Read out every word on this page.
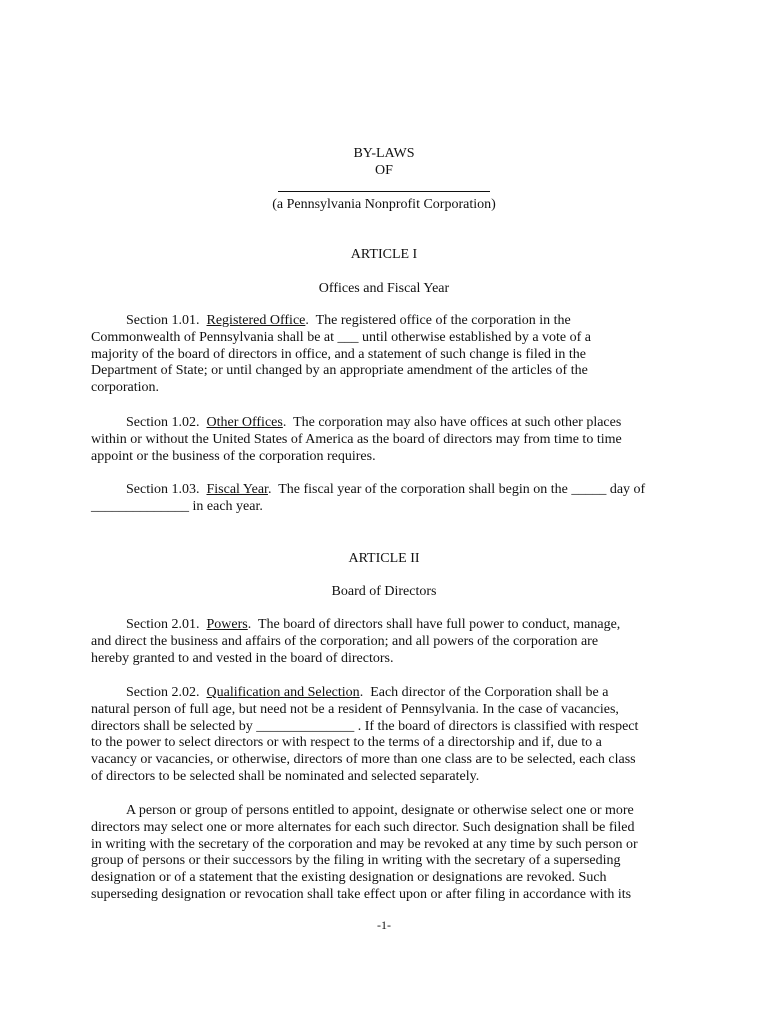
BY-LAWS
OF
(a Pennsylvania Nonprofit Corporation)
ARTICLE I
Offices and Fiscal Year
Section 1.01. Registered Office.  The registered office of the corporation in the
Commonwealth of Pennsylvania shall be at ___ until otherwise established by a vote of a
majority of the board of directors in office, and a statement of such change is filed in the
Department of State; or until changed by an appropriate amendment of the articles of the
corporation.
Section 1.02. Other Offices.  The corporation may also have offices at such other places
within or without the United States of America as the board of directors may from time to time
appoint or the business of the corporation requires.
Section 1.03. Fiscal Year.  The fiscal year of the corporation shall begin on the _____ day of
______________ in each year.
ARTICLE II
Board of Directors
Section 2.01. Powers.  The board of directors shall have full power to conduct, manage,
and direct the business and affairs of the corporation; and all powers of the corporation are
hereby granted to and vested in the board of directors.
Section 2.02. Qualification and Selection.  Each director of the Corporation shall be a
natural person of full age, but need not be a resident of Pennsylvania. In the case of vacancies,
directors shall be selected by ______________ . If the board of directors is classified with respect
to the power to select directors or with respect to the terms of a directorship and if, due to a
vacancy or vacancies, or otherwise, directors of more than one class are to be selected, each class
of directors to be selected shall be nominated and selected separately.
A person or group of persons entitled to appoint, designate or otherwise select one or more
directors may select one or more alternates for each such director. Such designation shall be filed
in writing with the secretary of the corporation and may be revoked at any time by such person or
group of persons or their successors by the filing in writing with the secretary of a superseding
designation or of a statement that the existing designation or designations are revoked. Such
superseding designation or revocation shall take effect upon or after filing in accordance with its
-1-
